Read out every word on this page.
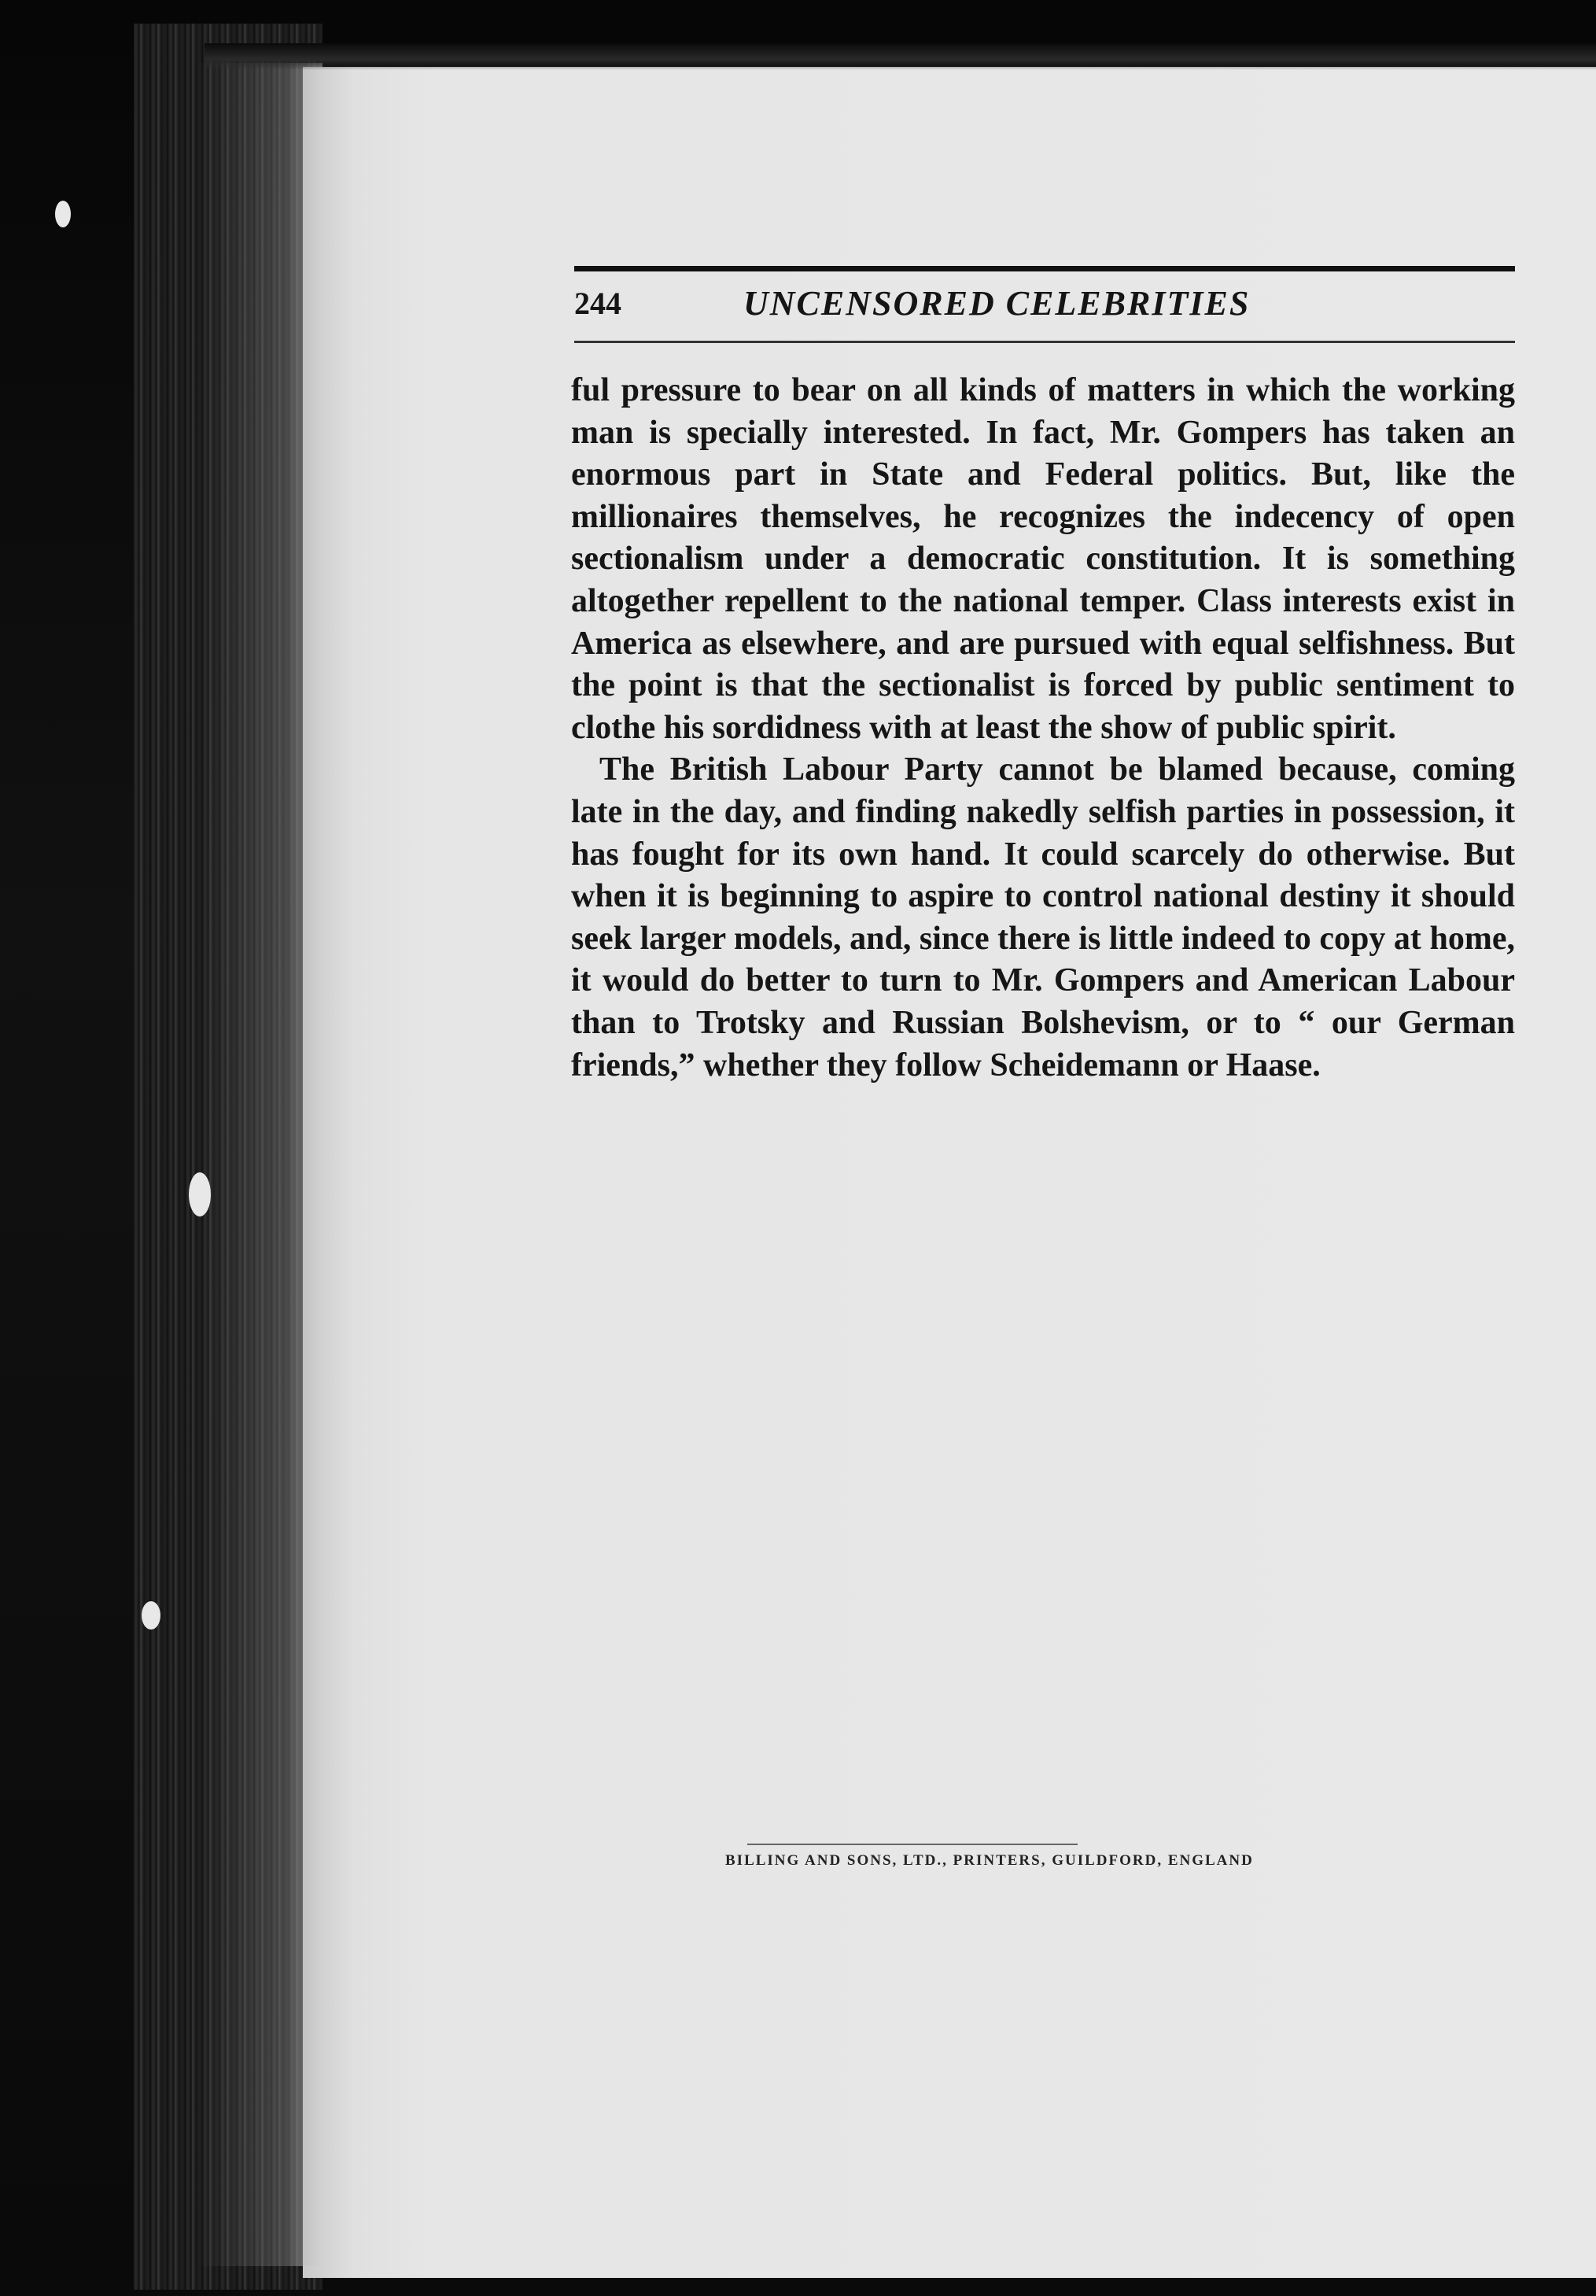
244	UNCENSORED CELEBRITIES

ful pressure to bear on all kinds of matters in which the working man is specially interested. In fact, Mr. Gompers has taken an enormous part in State and Federal politics. But, like the millionaires themselves, he recognizes the indecency of open sectionalism under a democratic constitution. It is something altogether repellent to the national temper. Class interests exist in America as elsewhere, and are pursued with equal selfishness. But the point is that the sectionalist is forced by public sentiment to clothe his sordidness with at least the show of public spirit.

The British Labour Party cannot be blamed because, coming late in the day, and finding nakedly selfish parties in possession, it has fought for its own hand. It could scarcely do otherwise. But when it is beginning to aspire to control national destiny it should seek larger models, and, since there is little indeed to copy at home, it would do better to turn to Mr. Gompers and American Labour than to Trotsky and Russian Bolshevism, or to “ our German friends,” whether they follow Scheidemann or Haase.

BILLING AND SONS, LTD., PRINTERS, GUILDFORD, ENGLAND
